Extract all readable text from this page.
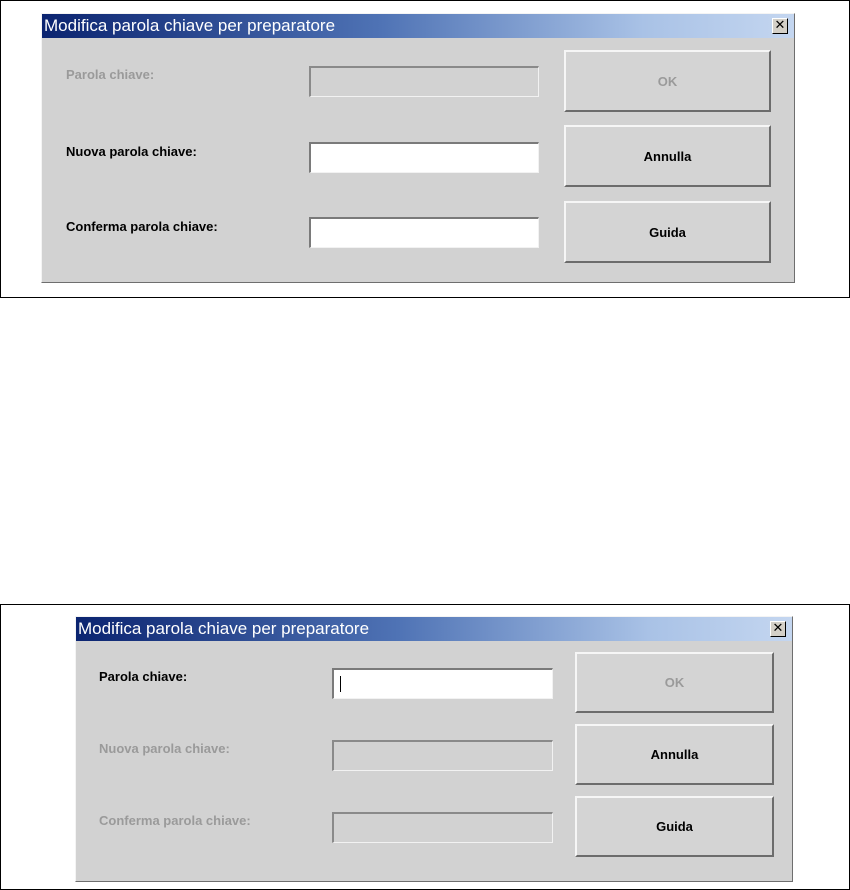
Modifica parola chiave per preparatore	✕
Parola chiave:
Nuova parola chiave:
Conferma parola chiave:
OK
Annulla
Guida
Modifica parola chiave per preparatore	✕
Parola chiave:
Nuova parola chiave:
Conferma parola chiave:
OK
Annulla
Guida
